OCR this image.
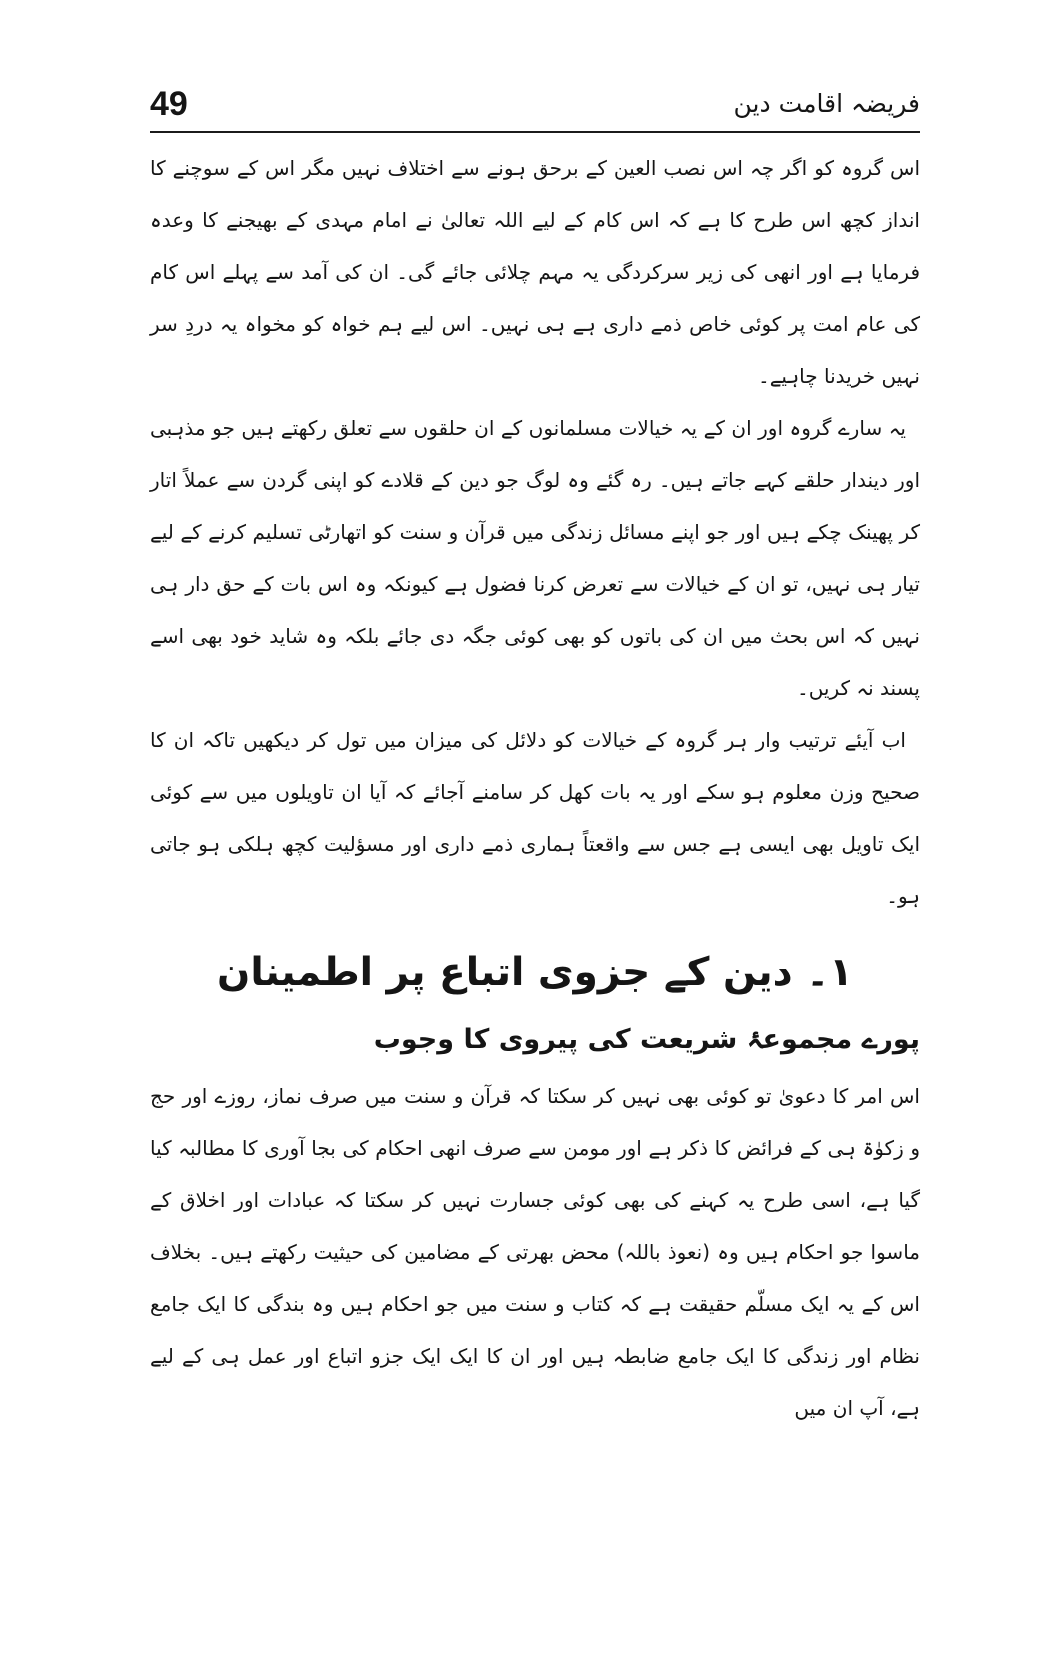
49	فریضہ اقامت دین

اس گروہ کو اگر چہ اس نصب العین کے برحق ہونے سے اختلاف نہیں مگر اس کے سوچنے کا انداز کچھ اس طرح کا ہے کہ اس کام کے لیے اللہ تعالیٰ نے امام مہدی کے بھیجنے کا وعدہ فرمایا ہے اور انھی کی زیر سرکردگی یہ مہم چلائی جائے گی۔ ان کی آمد سے پہلے اس کام کی عام امت پر کوئی خاص ذمے داری ہے ہی نہیں۔ اس لیے ہم خواہ کو مخواہ یہ دردِ سر نہیں خریدنا چاہیے۔

یہ سارے گروہ اور ان کے یہ خیالات مسلمانوں کے ان حلقوں سے تعلق رکھتے ہیں جو مذہبی اور دیندار حلقے کہے جاتے ہیں۔ رہ گئے وہ لوگ جو دین کے قلادے کو اپنی گردن سے عملاً اتار کر پھینک چکے ہیں اور جو اپنے مسائل زندگی میں قرآن و سنت کو اتھارٹی تسلیم کرنے کے لیے تیار ہی نہیں، تو ان کے خیالات سے تعرض کرنا فضول ہے کیونکہ وہ اس بات کے حق دار ہی نہیں کہ اس بحث میں ان کی باتوں کو بھی کوئی جگہ دی جائے بلکہ وہ شاید خود بھی اسے پسند نہ کریں۔

اب آیئے ترتیب وار ہر گروہ کے خیالات کو دلائل کی میزان میں تول کر دیکھیں تاکہ ان کا صحیح وزن معلوم ہو سکے اور یہ بات کھل کر سامنے آجائے کہ آیا ان تاویلوں میں سے کوئی ایک تاویل بھی ایسی ہے جس سے واقعتاً ہماری ذمے داری اور مسؤلیت کچھ ہلکی ہو جاتی ہو۔

۱۔ دین کے جزوی اتباع پر اطمینان
پورے مجموعۂ شریعت کی پیروی کا وجوب

اس امر کا دعویٰ تو کوئی بھی نہیں کر سکتا کہ قرآن و سنت میں صرف نماز، روزے اور حج و زکوٰۃ ہی کے فرائض کا ذکر ہے اور مومن سے صرف انھی احکام کی بجا آوری کا مطالبہ کیا گیا ہے، اسی طرح یہ کہنے کی بھی کوئی جسارت نہیں کر سکتا کہ عبادات اور اخلاق کے ماسوا جو احکام ہیں وہ (نعوذ باللہ) محض بھرتی کے مضامین کی حیثیت رکھتے ہیں۔ بخلاف اس کے یہ ایک مسلّم حقیقت ہے کہ کتاب و سنت میں جو احکام ہیں وہ بندگی کا ایک جامع نظام اور زندگی کا ایک جامع ضابطہ ہیں اور ان کا ایک ایک جزو اتباع اور عمل ہی کے لیے ہے، آپ ان میں
